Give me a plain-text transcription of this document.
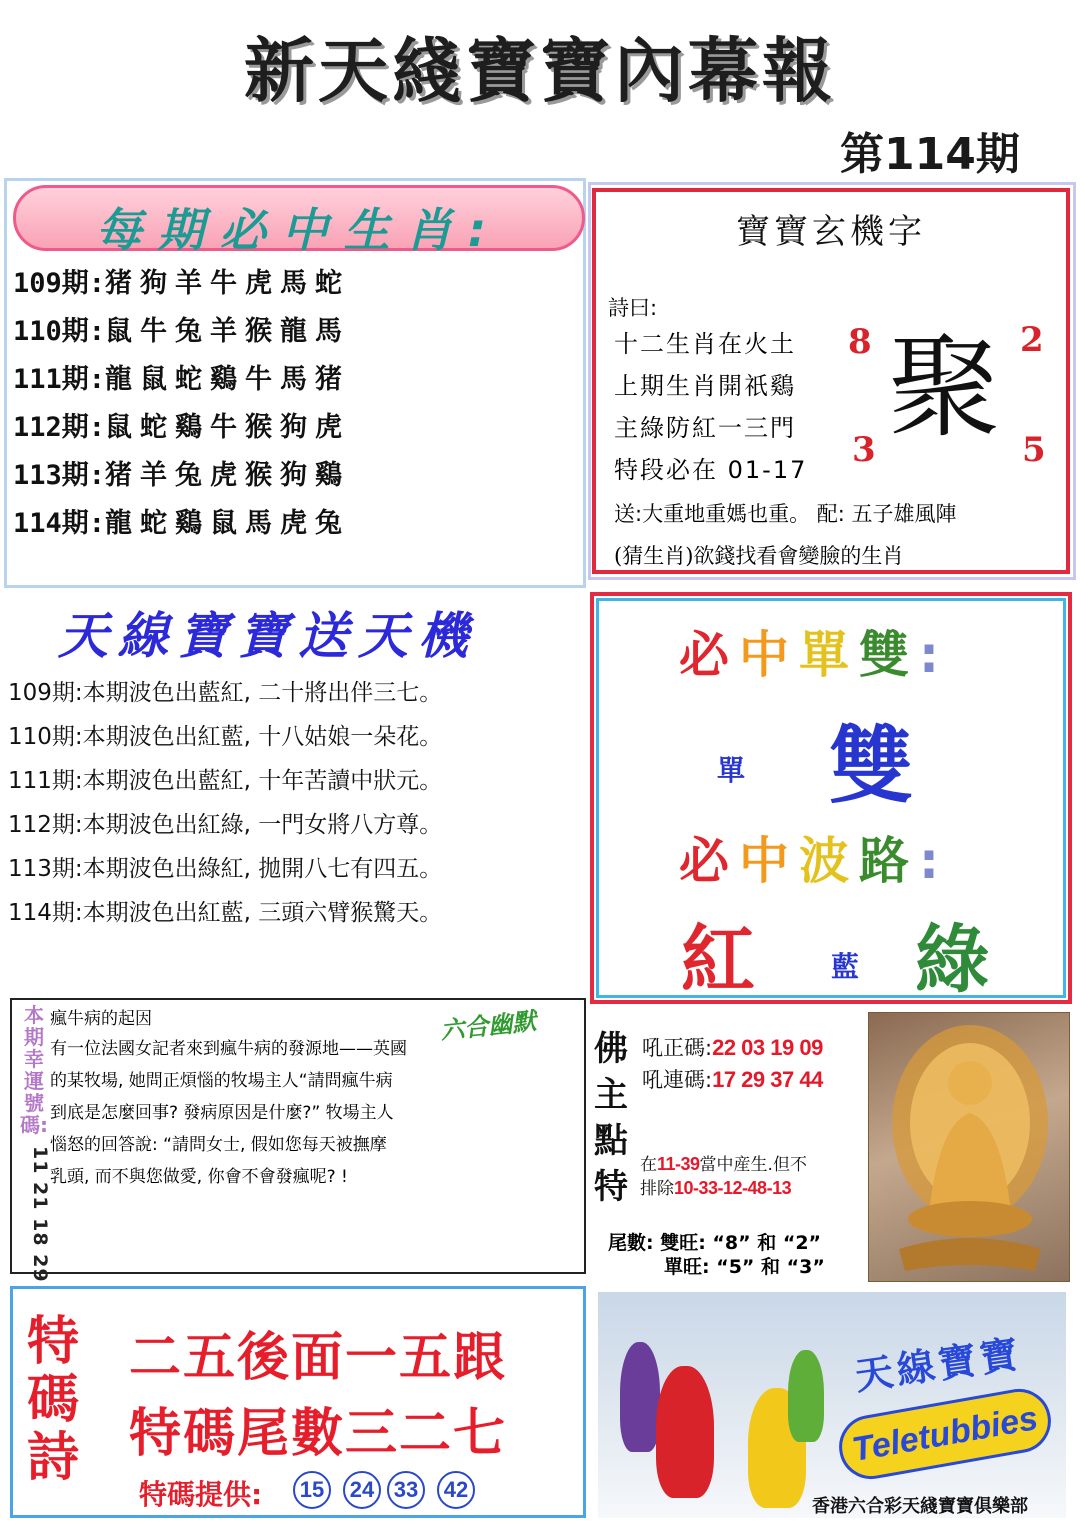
新天綫寶寶內幕報
第114期
每期必中生肖:
109期:猪狗羊牛虎馬蛇
110期:鼠牛兔羊猴龍馬
111期:龍鼠蛇鷄牛馬猪
112期:鼠蛇鷄牛猴狗虎
113期:猪羊兔虎猴狗鷄
114期:龍蛇鷄鼠馬虎兔
寶寶玄機字
詩曰:
十二生肖在火土
上期生肖開祇鷄
主綠防紅一三門
特段必在 01-17
8	2
3	5
聚
送:大重地重媽也重。 配: 五子雄風陣
(猜生肖)欲錢找看會變臉的生肖
天線寶寶送天機
109期:本期波色出藍紅, 二十將出伴三七。
110期:本期波色出紅藍, 十八姑娘一朵花。
111期:本期波色出藍紅, 十年苦讀中狀元。
112期:本期波色出紅綠, 一門女將八方尊。
113期:本期波色出綠紅, 拋開八七有四五。
114期:本期波色出紅藍, 三頭六臂猴驚天。
必中單雙:
單 雙
必中波路:
紅	藍 綠
本期幸運號碼:
11 21 18 29
瘋牛病的起因	六合幽默
有一位法國女記者來到瘋牛病的發源地——英國
的某牧場, 她問正煩惱的牧場主人“請問瘋牛病
到底是怎麼回事? 發病原因是什麼?” 牧場主人
惱怒的回答說: “請問女士, 假如您每天被撫摩
乳頭, 而不與您做愛, 你會不會發瘋呢? !
佛主點特
吼正碼:22 03 19 09
吼連碼:17 29 37 44
在11-39當中産生.但不
排除10-33-12-48-13
尾數: 雙旺: “8” 和 “2”
單旺: “5” 和 “3”
特碼詩
二五後面一五跟
特碼尾數三二七
特碼提供:	15	24 33	42
天線寶寶
Teletubbies
香港六合彩天綫寶寶俱樂部
